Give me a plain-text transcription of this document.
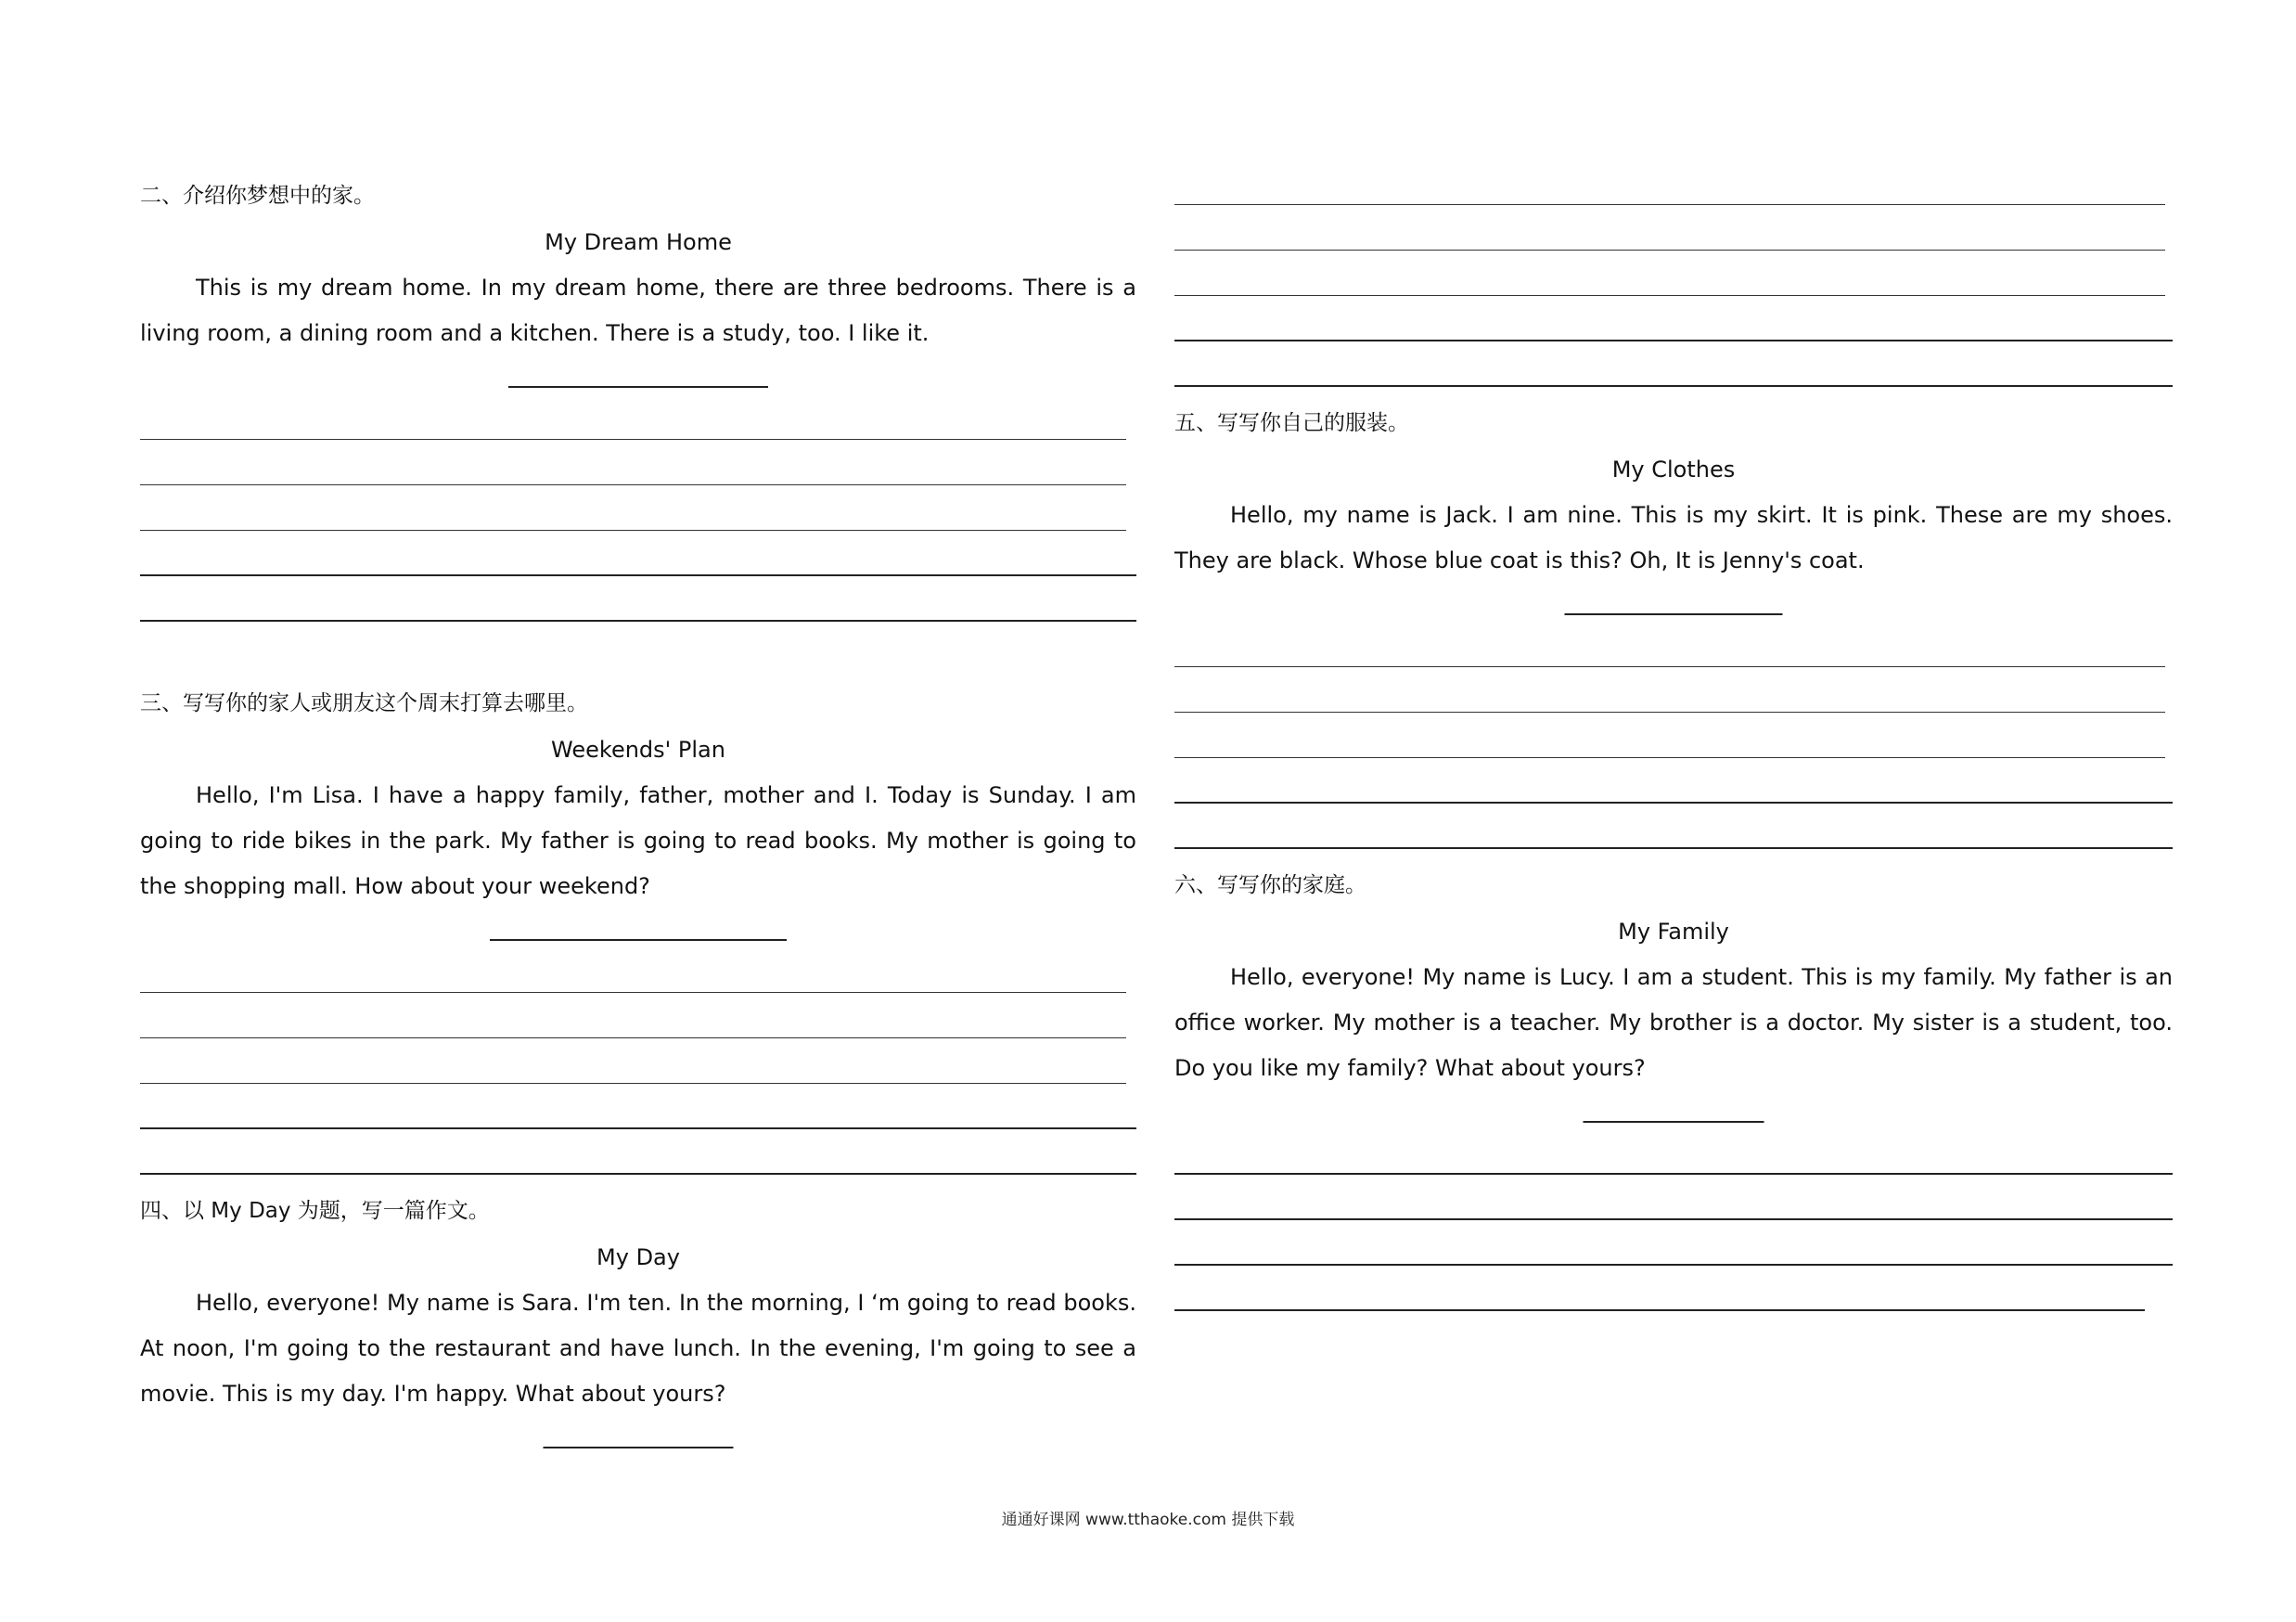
二、介绍你梦想中的家。
My Dream Home

This is my dream home. In my dream home, there are three bedrooms. There is a living room, a dining room and a kitchen. There is a study, too. I like it.

三、写写你的家人或朋友这个周末打算去哪里。
Weekends' Plan

Hello, I'm Lisa. I have a happy family, father, mother and I. Today is Sunday. I am going to ride bikes in the park. My father is going to read books. My mother is going to the shopping mall. How about your weekend?

四、以 My Day 为题，写一篇作文。
My Day

Hello, everyone! My name is Sara. I'm ten. In the morning, I ‘m going to read books. At noon, I'm going to the restaurant and have lunch. In the evening, I'm going to see a movie. This is my day. I'm happy. What about yours?

五、写写你自己的服装。
My Clothes

Hello, my name is Jack. I am nine. This is my skirt. It is pink. These are my shoes. They are black. Whose blue coat is this? Oh, It is Jenny's coat.

六、写写你的家庭。
My Family

Hello, everyone! My name is Lucy. I am a student. This is my family. My father is an office worker. My mother is a teacher. My brother is a doctor. My sister is a student, too. Do you like my family? What about yours?

通通好课网 www.tthaoke.com 提供下载
